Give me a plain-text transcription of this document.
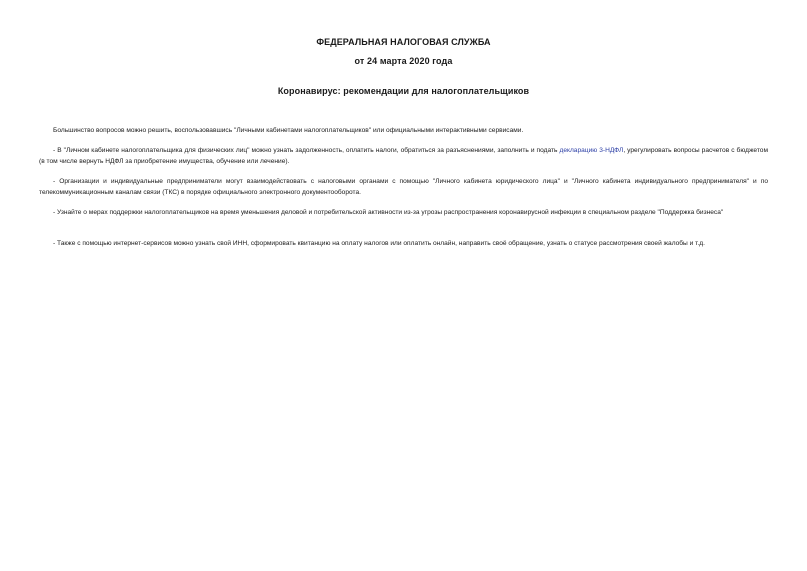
ФЕДЕРАЛЬНАЯ НАЛОГОВАЯ СЛУЖБА
от 24 марта 2020 года
Коронавирус: рекомендации для налогоплательщиков

Большинство вопросов можно решить, воспользовавшись "Личными кабинетами налогоплательщиков" или официальными интерактивными сервисами.

- В "Личном кабинете налогоплательщика для физических лиц" можно узнать задолженность, оплатить налоги, обратиться за разъяснениями, заполнить и подать декларацию 3-НДФЛ, урегулировать вопросы расчетов с бюджетом (в том числе вернуть НДФЛ за приобретение имущества, обучение или лечение).

- Организации и индивидуальные предприниматели могут взаимодействовать с налоговыми органами с помощью "Личного кабинета юридического лица" и "Личного кабинета индивидуального предпринимателя" и по телекоммуникационным каналам связи (ТКС) в порядке официального электронного документооборота.

- Узнайте о мерах поддержки налогоплательщиков на время уменьшения деловой и потребительской активности из-за угрозы распространения коронавирусной инфекции в специальном разделе "Поддержка бизнеса"

- Также с помощью интернет-сервисов можно узнать свой ИНН, сформировать квитанцию на оплату налогов или оплатить онлайн, направить своё обращение, узнать о статусе рассмотрения своей жалобы и т.д.
